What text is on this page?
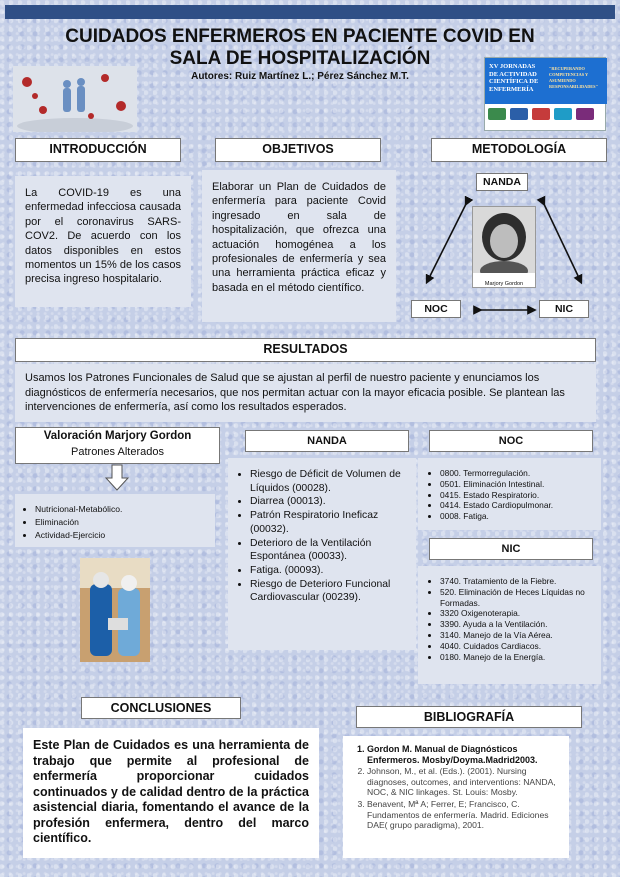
CUIDADOS ENFERMEROS EN PACIENTE COVID EN SALA DE HOSPITALIZACIÓN
Autores: Ruiz Martínez L.; Pérez Sánchez M.T.
XV JORNADAS
DE ACTIVIDAD
CIENTÍFICA DE
ENFERMERÍA
"RECUPERANDO COMPETENCIAS Y ASUMIENDO RESPONSABILIDADES"
INTRODUCCIÓN
La COVID-19 es una enfermedad infecciosa causada por el coronavirus SARS-COV2. De acuerdo con los datos disponibles en estos momentos un 15% de los casos precisa ingreso hospitalario.
OBJETIVOS
Elaborar un Plan de Cuidados de enfermería para paciente Covid ingresado en sala de hospitalización, que ofrezca una actuación homogénea a los profesionales de enfermería y sea una herramienta práctica eficaz y basada en el método científico.
METODOLOGÍA
NANDA
NOC	NIC
Marjory Gordon
RESULTADOS
Usamos los Patrones Funcionales de Salud que se ajustan al perfil de nuestro paciente y enunciamos los diagnósticos de enfermería necesarios, que nos permitan actuar con la mayor eficacia posible. Se plantean las intervenciones de enfermería, así como los resultados esperados.
Valoración Marjory Gordon
Patrones Alterados
• Nutricional-Metabólico.
• Eliminación
• Actividad-Ejercicio
NANDA
• Riesgo de Déficit de Volumen de Líquidos (00028).
• Diarrea (00013).
• Patrón Respiratorio Ineficaz (00032).
• Deterioro de la Ventilación Espontánea (00033).
• Fatiga. (00093).
• Riesgo de Deterioro Funcional Cardiovascular (00239).
NOC
• 0800. Termorregulación.
• 0501. Eliminación Intestinal.
• 0415. Estado Respiratorio.
• 0414. Estado Cardiopulmonar.
• 0008. Fatiga.
NIC
• 3740. Tratamiento de la Fiebre.
• 520. Eliminación de Heces Líquidas no Formadas.
• 3320 Oxigenoterapia.
• 3390. Ayuda a la Ventilación.
• 3140. Manejo de la Vía Aérea.
• 4040. Cuidados Cardiacos.
• 0180. Manejo de la Energía.
CONCLUSIONES
Este Plan de Cuidados es una herramienta de trabajo que permite al profesional de enfermería proporcionar cuidados continuados y de calidad dentro de la práctica asistencial diaria, fomentando el avance de la profesión enfermera, dentro del marco científico.
BIBLIOGRAFÍA
1. Gordon M. Manual de Diagnósticos Enfermeros. Mosby/Doyma.Madrid2003.
2. Johnson, M., et al. (Eds.). (2001). Nursing diagnoses, outcomes, and interventions: NANDA, NOC, & NIC linkages. St. Louis: Mosby.
3. Benavent, Mª A; Ferrer, E; Francisco, C. Fundamentos de enfermería. Madrid. Ediciones DAE( grupo paradigma), 2001.
